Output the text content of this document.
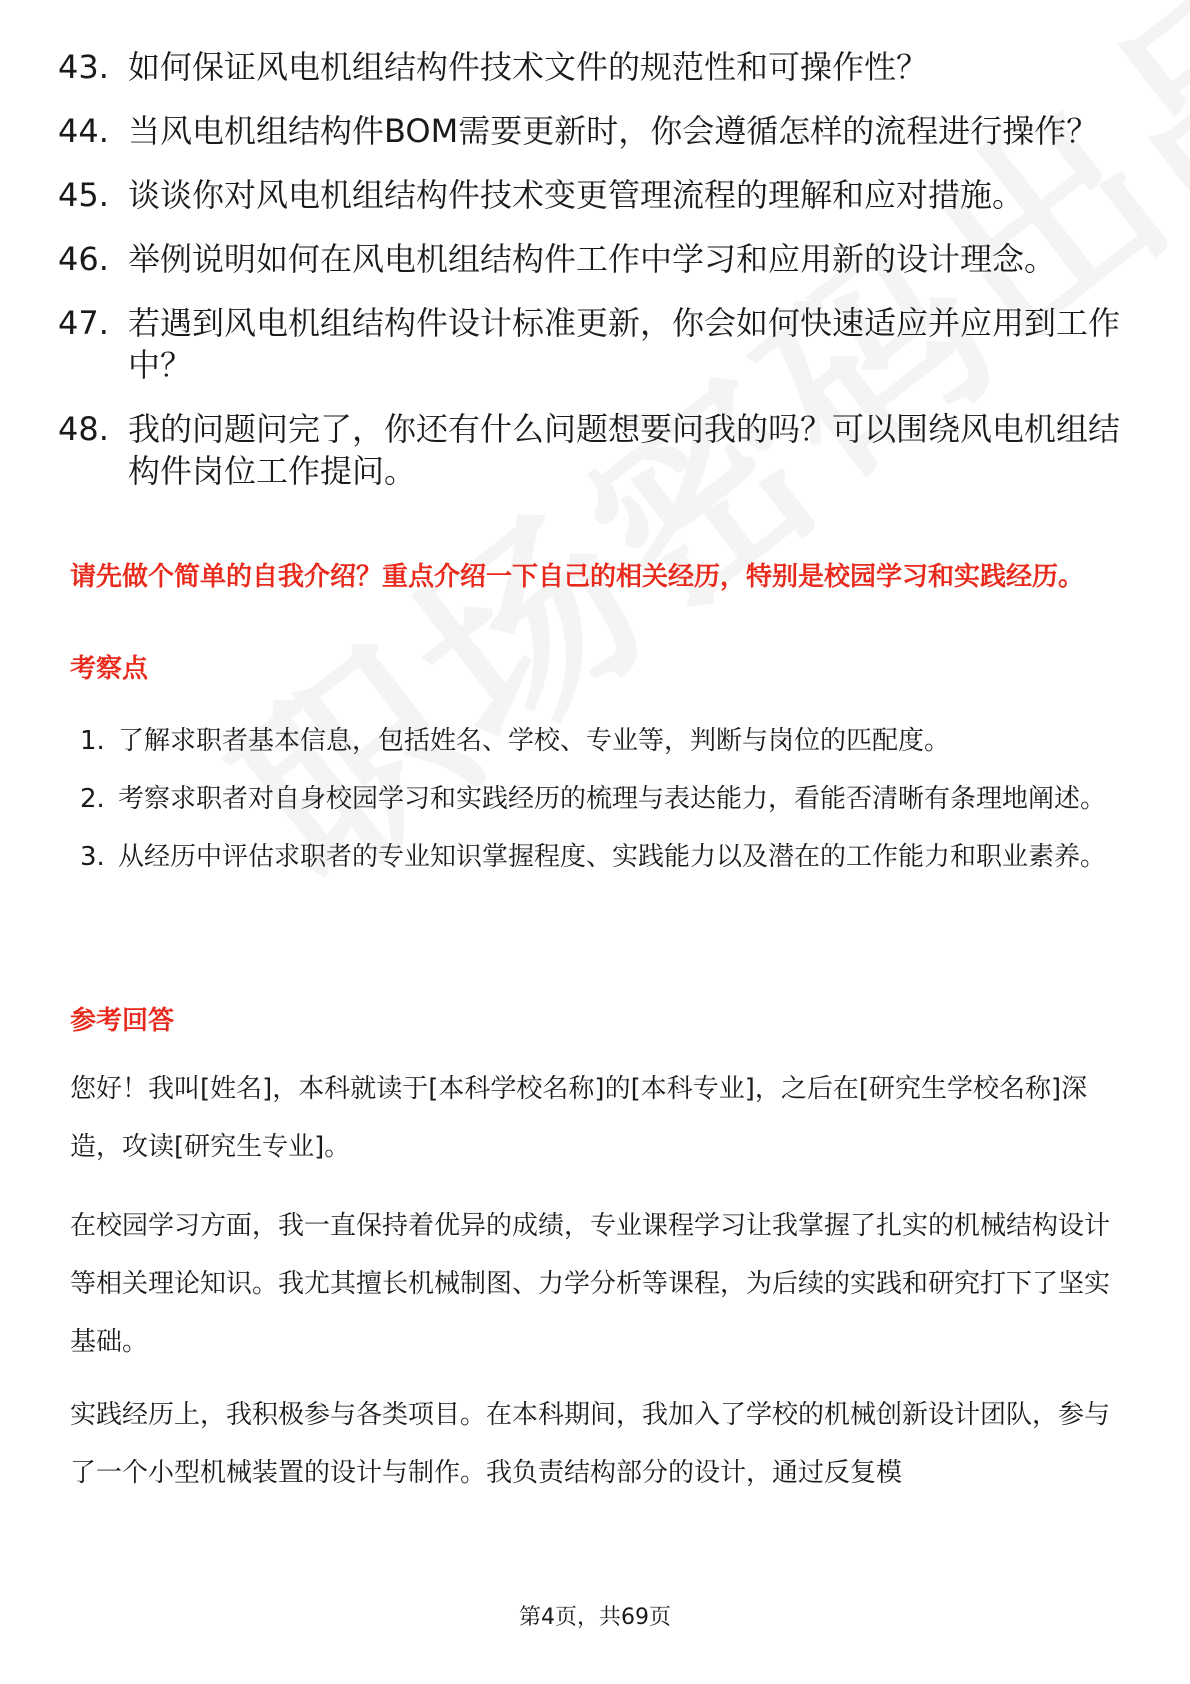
43. 如何保证风电机组结构件技术文件的规范性和可操作性？
44. 当风电机组结构件BOM需要更新时，你会遵循怎样的流程进行操作？
45. 谈谈你对风电机组结构件技术变更管理流程的理解和应对措施。
46. 举例说明如何在风电机组结构件工作中学习和应用新的设计理念。
47. 若遇到风电机组结构件设计标准更新，你会如何快速适应并应用到工作中？
48. 我的问题问完了，你还有什么问题想要问我的吗？可以围绕风电机组结构件岗位工作提问。
请先做个简单的自我介绍？重点介绍一下自己的相关经历，特别是校园学习和实践经历。
考察点
1. 了解求职者基本信息，包括姓名、学校、专业等，判断与岗位的匹配度。
2. 考察求职者对自身校园学习和实践经历的梳理与表达能力，看能否清晰有条理地阐述。
3. 从经历中评估求职者的专业知识掌握程度、实践能力以及潜在的工作能力和职业素养。
参考回答
您好！我叫[姓名]，本科就读于[本科学校名称]的[本科专业]，之后在[研究生学校名称]深造，攻读[研究生专业]。
在校园学习方面，我一直保持着优异的成绩，专业课程学习让我掌握了扎实的机械结构设计等相关理论知识。我尤其擅长机械制图、力学分析等课程，为后续的实践和研究打下了坚实基础。
实践经历上，我积极参与各类项目。在本科期间，我加入了学校的机械创新设计团队，参与了一个小型机械装置的设计与制作。我负责结构部分的设计，通过反复模
第4页，共69页
